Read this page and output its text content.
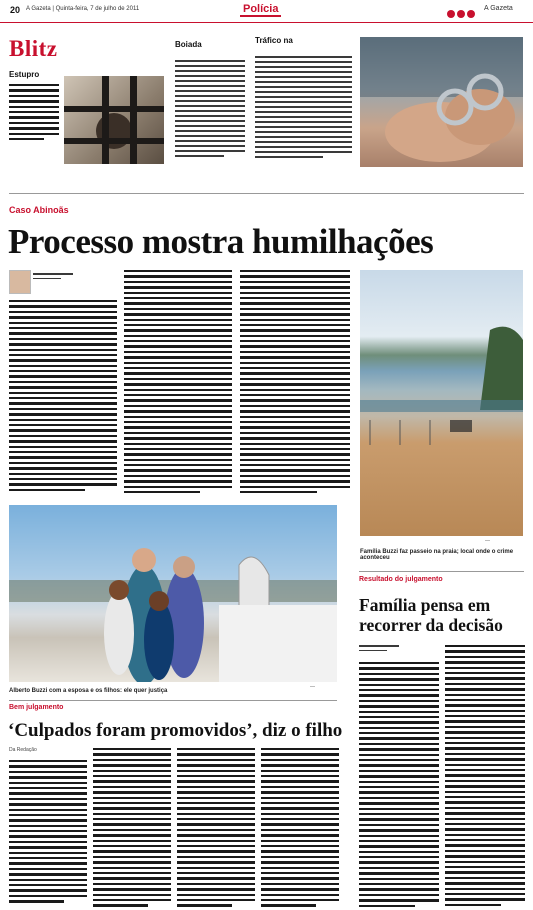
20 A Gazeta | Quinta-feira, 7 de julho de 2011	Polícia	A Gazeta
Blitz
Estupro
Boiada	Tráfico na
Caso Abinoãs
Processo mostra humilhações
—
Família Buzzi faz passeio na praia; local onde o crime aconteceu
—
Alberto Buzzi com a esposa e os filhos: ele quer justiça
Resultado do julgamento
Família pensa em recorrer da decisão
Bem julgamento
‘Culpados foram promovidos’, diz o filho
Da Redação
